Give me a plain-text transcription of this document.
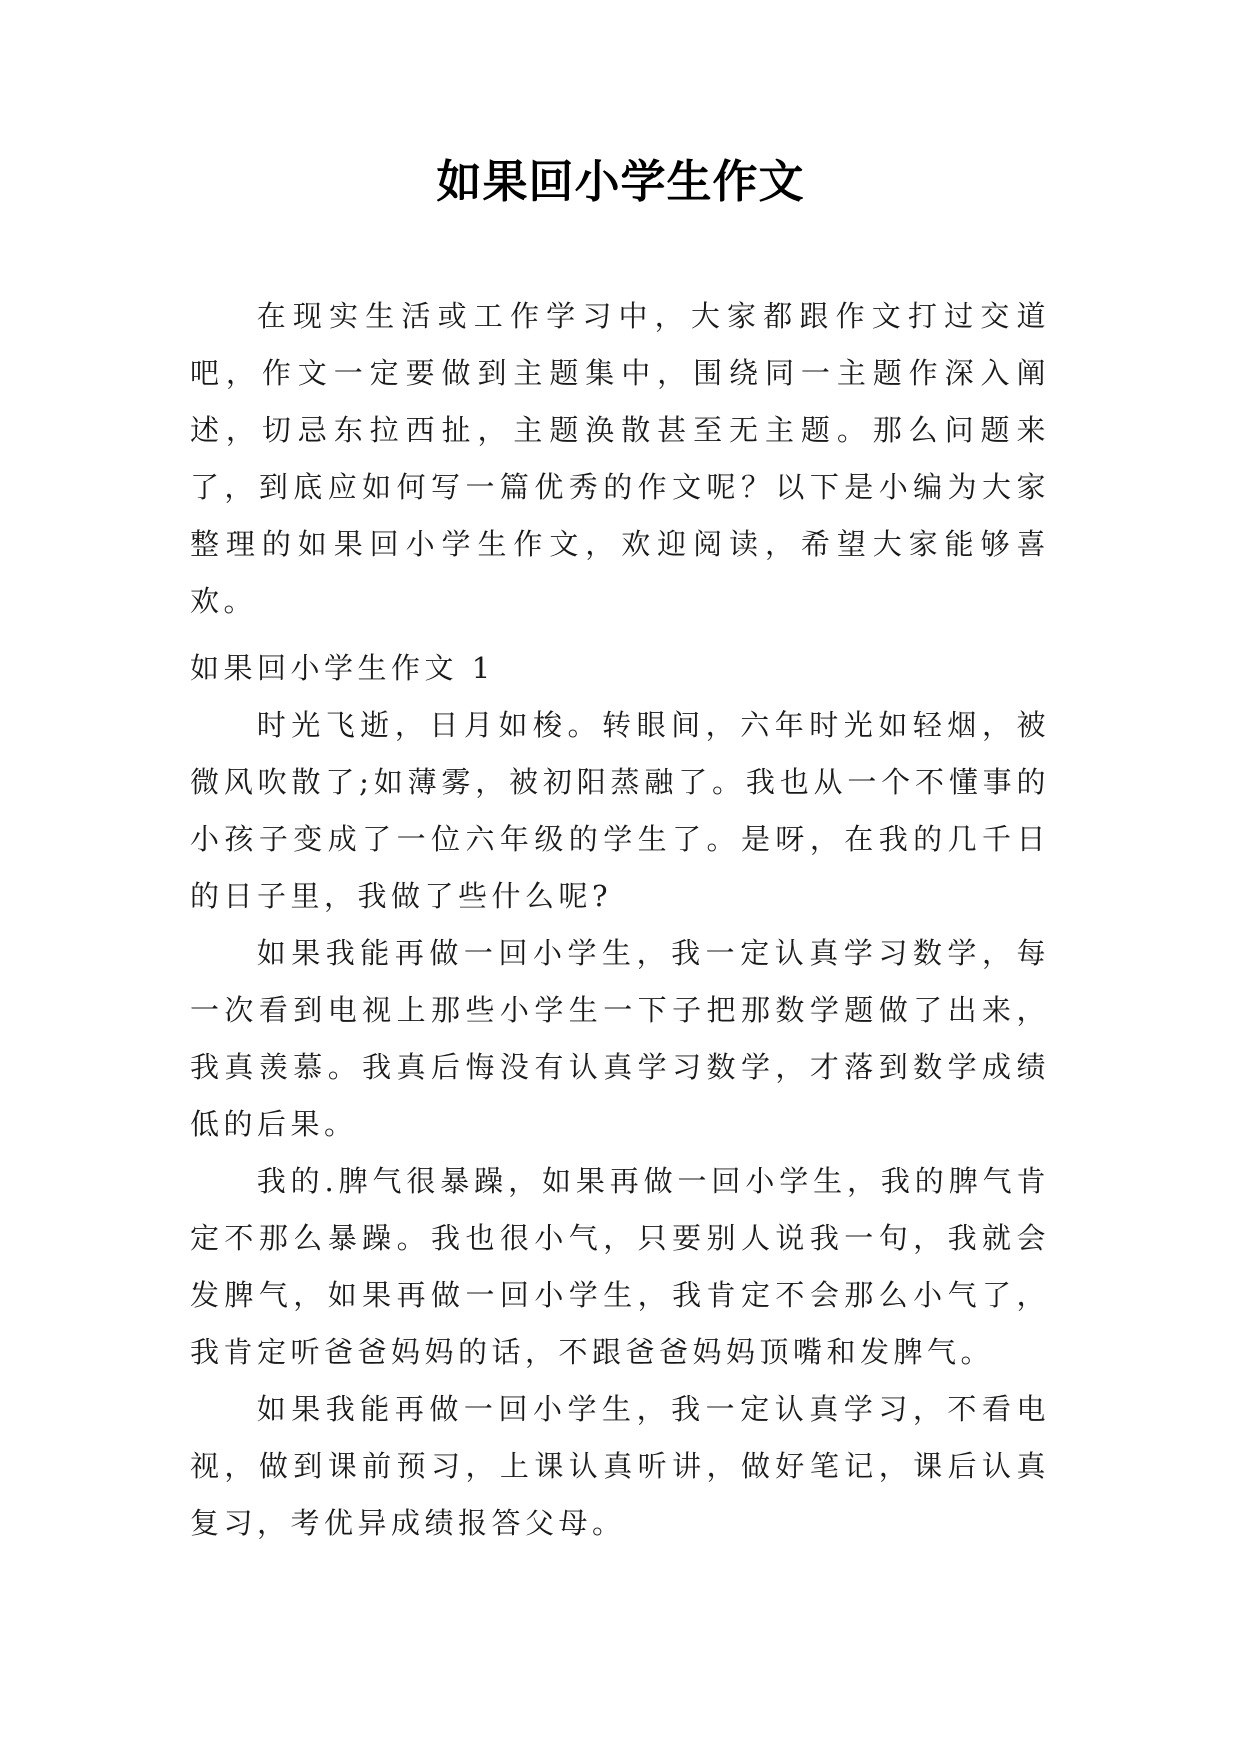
如果回小学生作文

在现实生活或工作学习中，大家都跟作文打过交道吧，作文一定要做到主题集中，围绕同一主题作深入阐述，切忌东拉西扯，主题涣散甚至无主题。那么问题来了，到底应如何写一篇优秀的作文呢？以下是小编为大家整理的如果回小学生作文，欢迎阅读，希望大家能够喜欢。

如果回小学生作文 1

时光飞逝，日月如梭。转眼间，六年时光如轻烟，被微风吹散了;如薄雾，被初阳蒸融了。我也从一个不懂事的小孩子变成了一位六年级的学生了。是呀，在我的几千日的日子里，我做了些什么呢?

如果我能再做一回小学生，我一定认真学习数学，每一次看到电视上那些小学生一下子把那数学题做了出来，我真羡慕。我真后悔没有认真学习数学，才落到数学成绩低的后果。

我的.脾气很暴躁，如果再做一回小学生，我的脾气肯定不那么暴躁。我也很小气，只要别人说我一句，我就会发脾气，如果再做一回小学生，我肯定不会那么小气了，我肯定听爸爸妈妈的话，不跟爸爸妈妈顶嘴和发脾气。

如果我能再做一回小学生，我一定认真学习，不看电视，做到课前预习，上课认真听讲，做好笔记，课后认真复习，考优异成绩报答父母。
